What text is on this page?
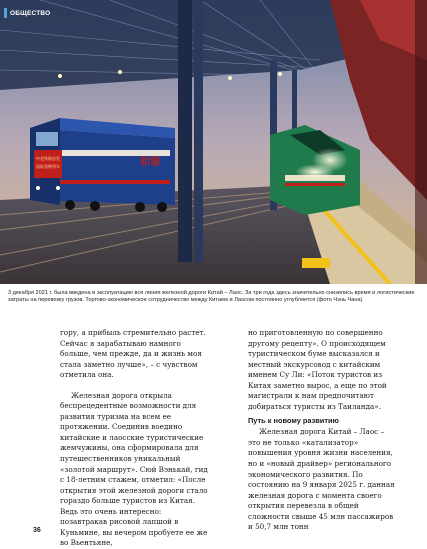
中老铁路首发
国际货物列车	和谐
ОБЩЕСТВО
3 декабря 2021 г. была введена в эксплуатацию вся линия железной дороги Китай – Лаос. За три года здесь значительно снизились время и логистические затраты на перевозку грузов. Торгово-экономическое сотрудничество между Китаем и Лаосом постоянно углубляется (фото Чэнь Чана)

гору, а прибыль стремительно растет. Сейчас я зарабатываю намного больше, чем прежде, да и жизнь моя стала заметно лучше», – с чувством отметила она.

Железная дорога открыла беспрецедентные возможности для развития туризма на всем ее протяжении. Соединив воедино китайские и лаосские туристические жемчужины, она сформировала для путешественников уникальный «золотой маршрут». Сюй Вэнькай, гид с 18-летним стажем, отметил: «После открытия этой железной дороги стало гораздо больше туристов из Китая. Ведь это очень интересно: позавтракав рисовой лапшой в Куньмине, вы вечером пробуете ее же во Вьентьяне,

но приготовленную по совершенно другому рецепту». О происходящем туристическом буме высказался и местный экскурсовод с китайским именем Су Ли: «Поток туристов из Китая заметно вырос, а еще по этой магистрали к нам предпочитают добираться туристы из Таиланда».

Путь к новому развитию

Железная дорога Китай – Лаос – это не только «катализатор» повышения уровня жизни населения, но и «новый драйвер» регионального экономического развития. По состоянию на 9 января 2025 г. данная железная дорога с момента своего открытия перевезла в общей сложности свыше 45 млн пассажиров и 50,7 млн тонн

36
